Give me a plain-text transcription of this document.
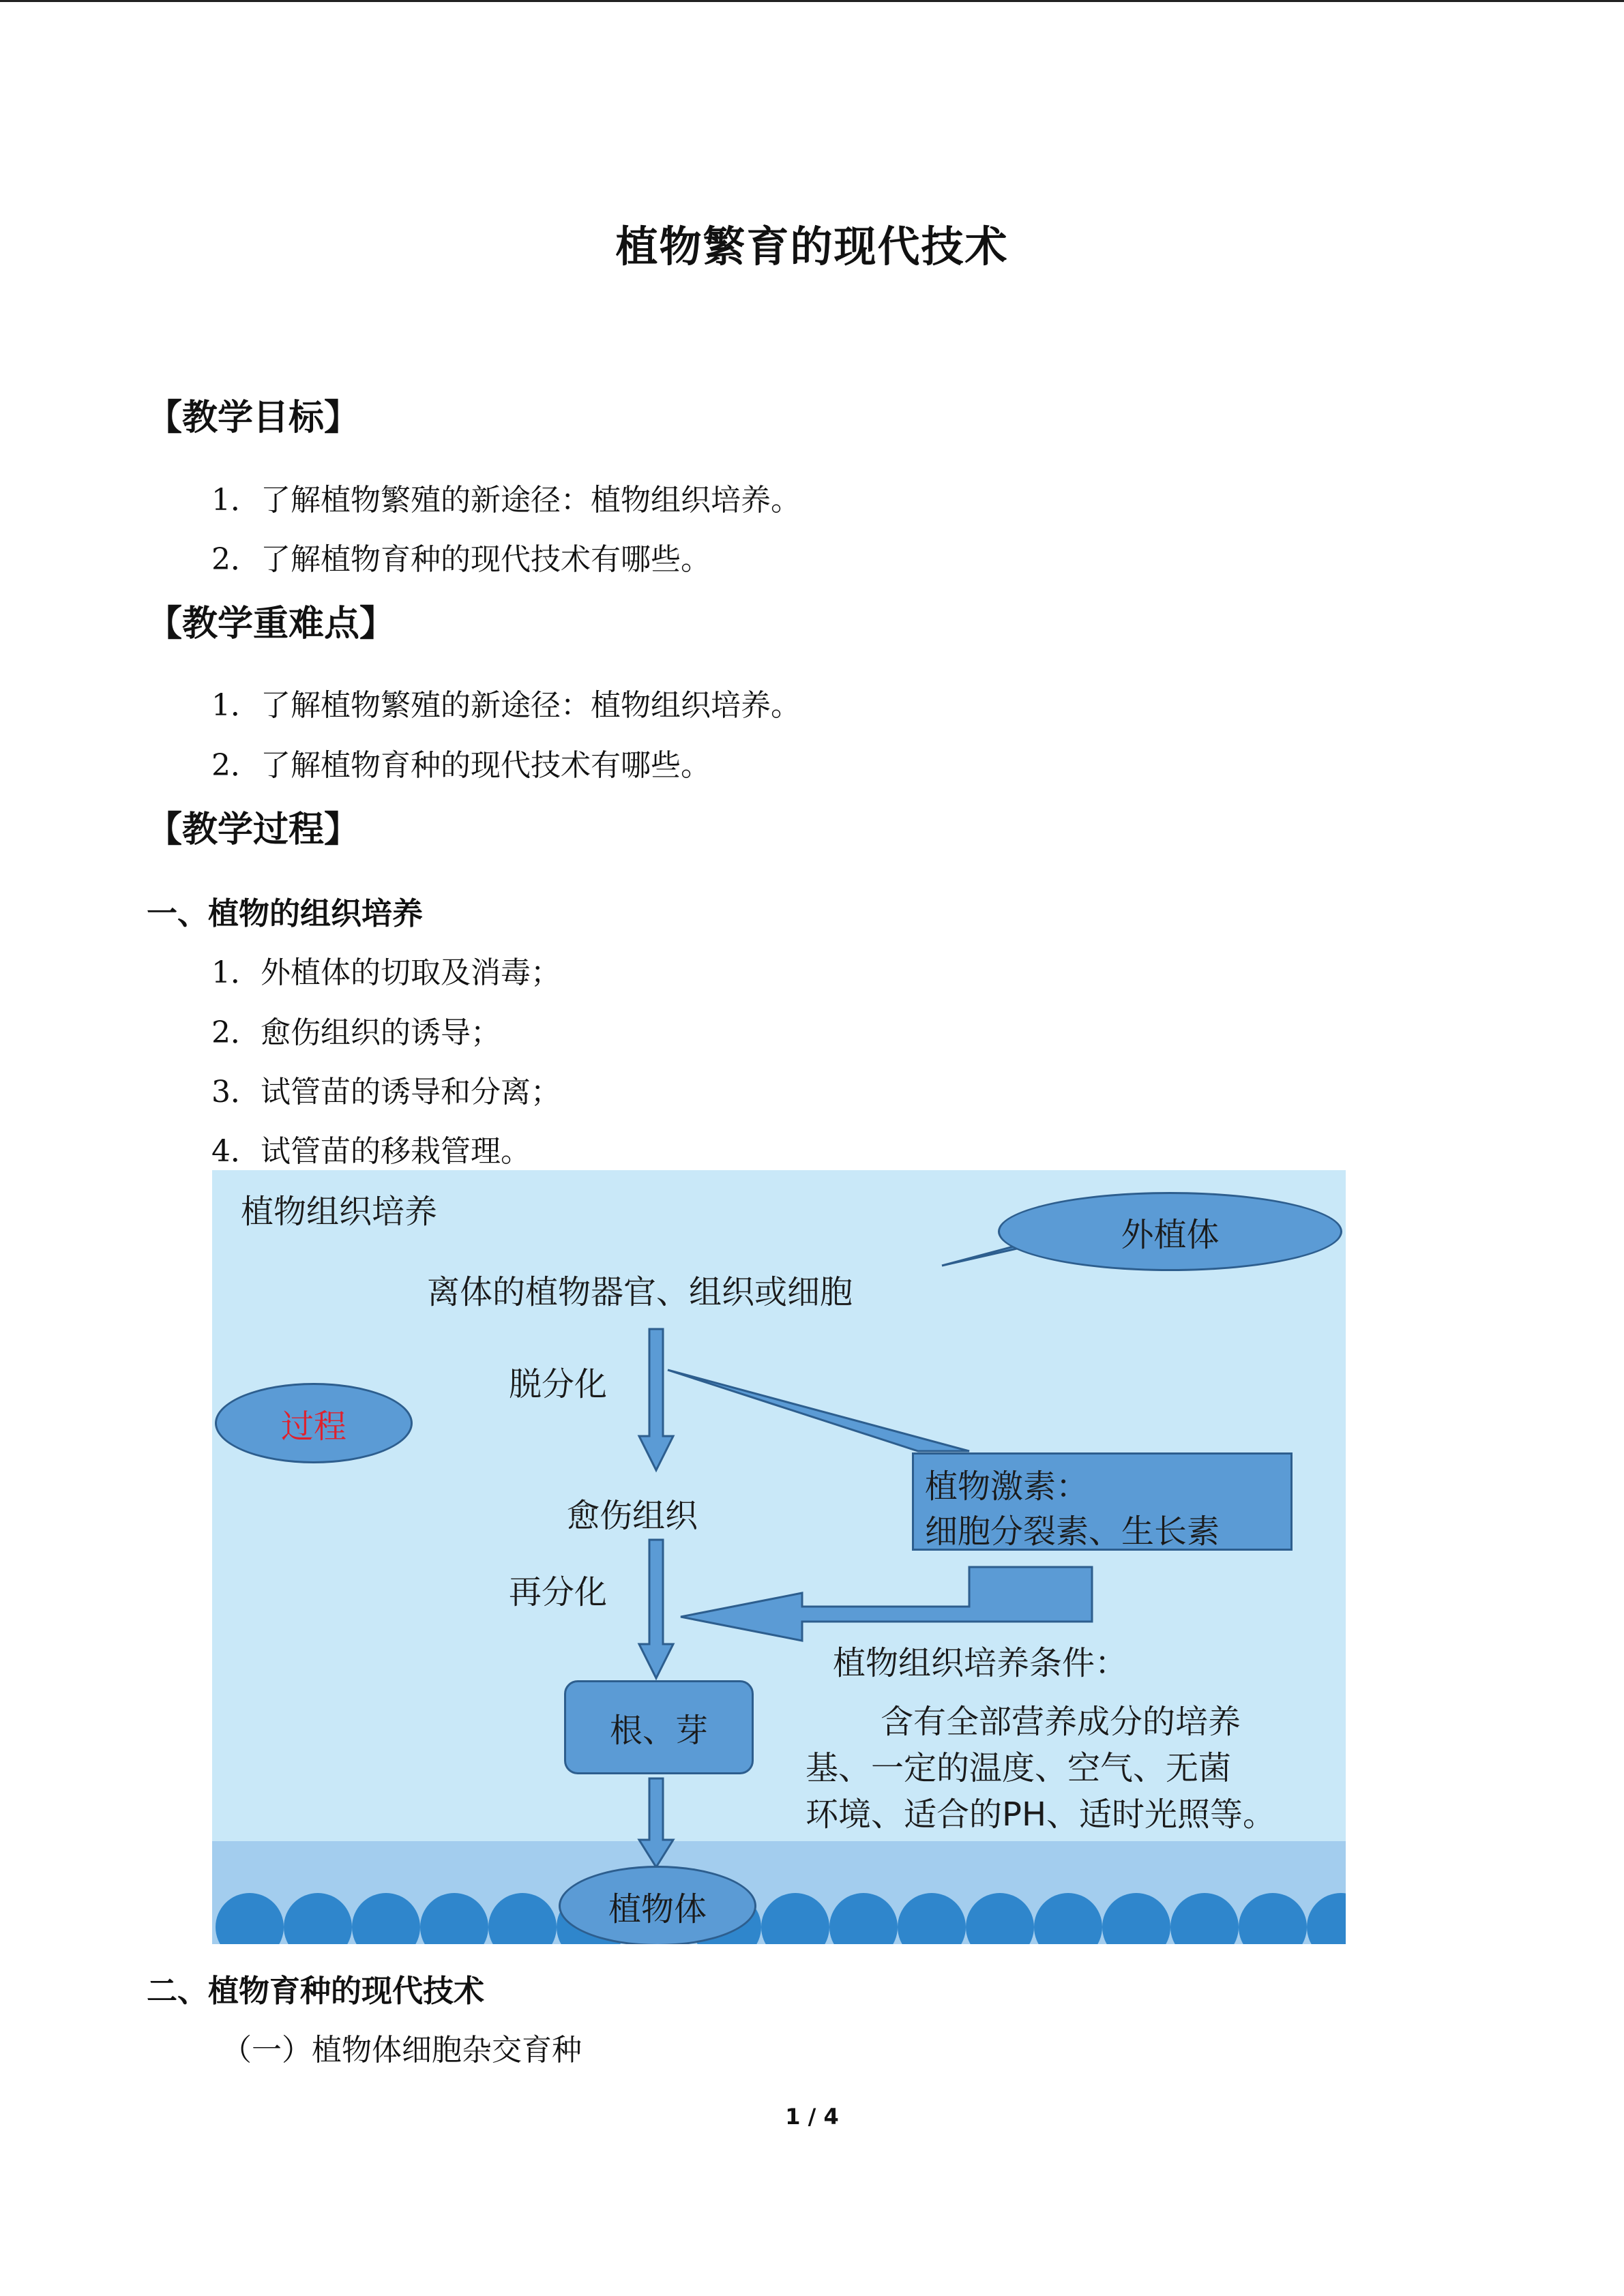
植物繁育的现代技术
【教学目标】
1．了解植物繁殖的新途径：植物组织培养。
2．了解植物育种的现代技术有哪些。
【教学重难点】
1．了解植物繁殖的新途径：植物组织培养。
2．了解植物育种的现代技术有哪些。
【教学过程】
一、植物的组织培养
1．外植体的切取及消毒；
2．愈伤组织的诱导；
3．试管苗的诱导和分离；
4．试管苗的移栽管理。
植物组织培养
外植体
离体的植物器官、组织或细胞
脱分化
过程
植物激素：
细胞分裂素、生长素
愈伤组织
再分化
植物组织培养条件：
含有全部营养成分的培养
基、一定的温度、空气、无菌
环境、适合的PH、适时光照等。
根、芽
植物体
二、植物育种的现代技术
（一）植物体细胞杂交育种
1 / 4
